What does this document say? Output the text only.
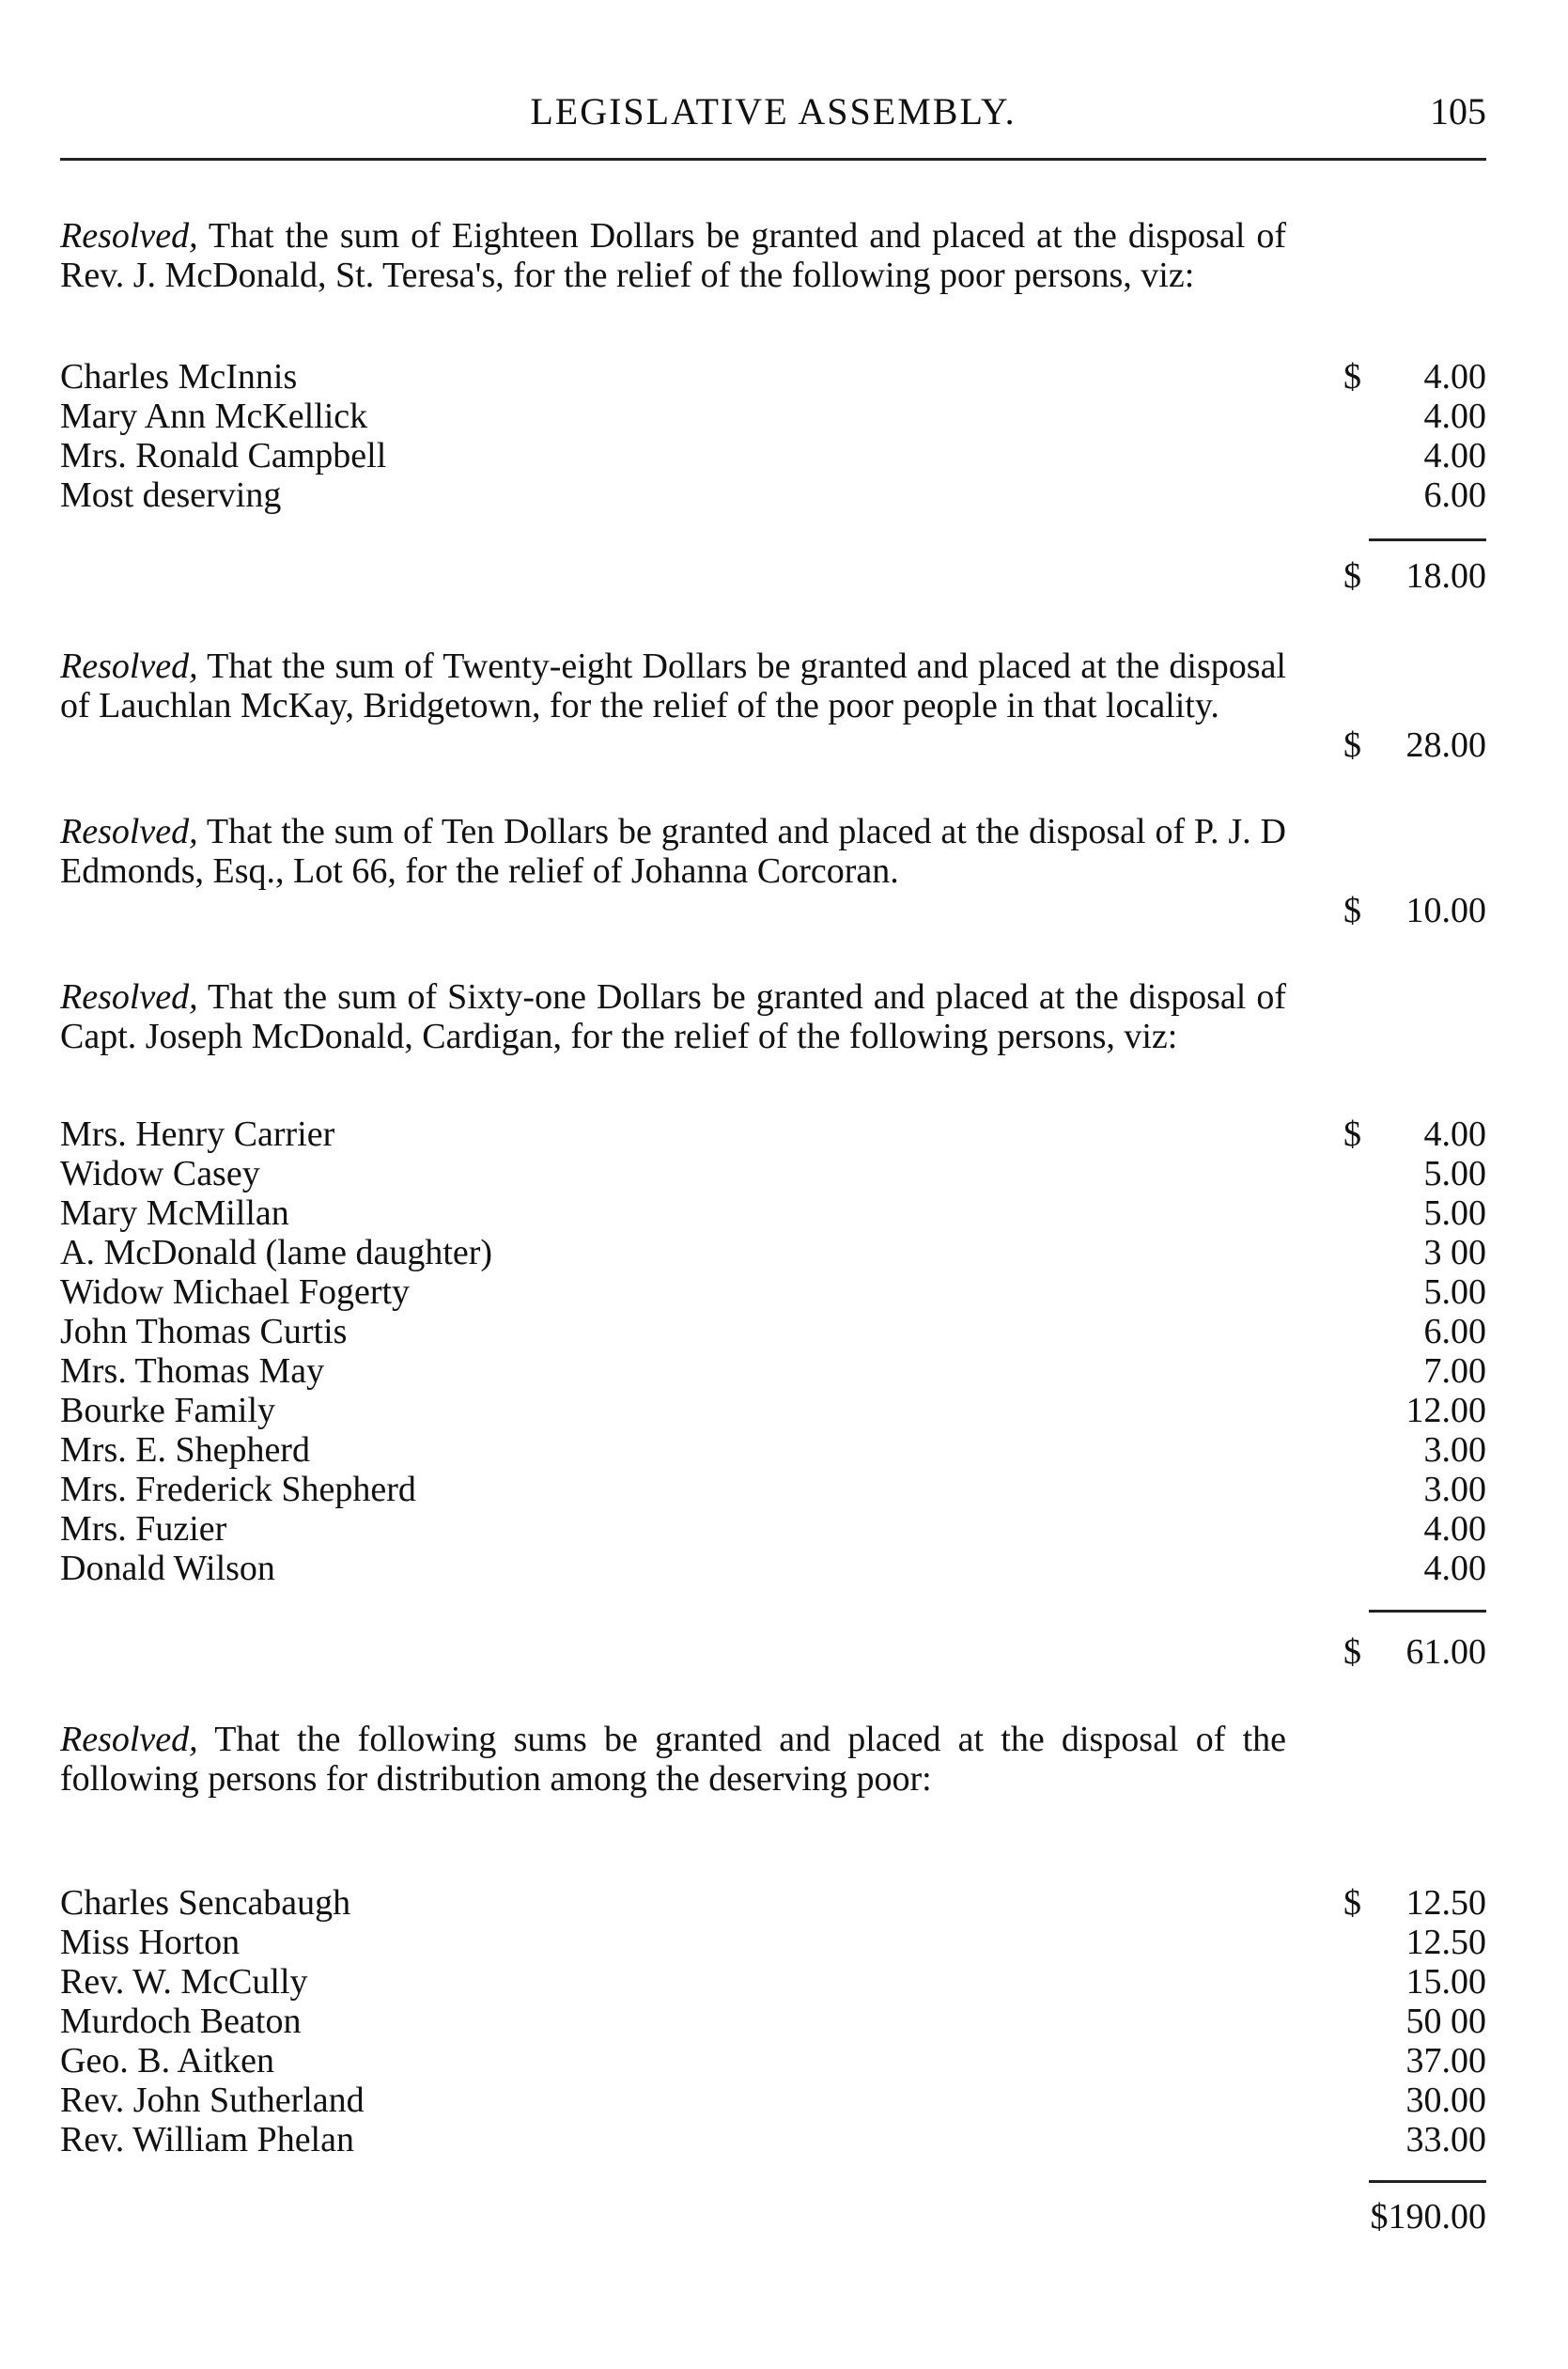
LEGISLATIVE ASSEMBLY.	105
Resolved, That the sum of Eighteen Dollars be granted and placed at the disposal of Rev. J. McDonald, St. Teresa's, for the relief of the following poor persons, viz:
Charles McInnis	$ 4.00
Mary Ann McKellick	4.00
Mrs. Ronald Campbell	4.00
Most deserving	6.00
$ 18.00
Resolved, That the sum of Twenty-eight Dollars be granted and placed at the disposal of Lauchlan McKay, Bridgetown, for the relief of the poor people in that locality.
$ 28.00
Resolved, That the sum of Ten Dollars be granted and placed at the disposal of P. J. D Edmonds, Esq., Lot 66, for the relief of Johanna Corcoran.
$ 10.00
Resolved, That the sum of Sixty-one Dollars be granted and placed at the disposal of Capt. Joseph McDonald, Cardigan, for the relief of the following persons, viz:
Mrs. Henry Carrier	$ 4.00
Widow Casey	5.00
Mary McMillan	5.00
A. McDonald (lame daughter)	3 00
Widow Michael Fogerty	5.00
John Thomas Curtis	6.00
Mrs. Thomas May	7.00
Bourke Family	12.00
Mrs. E. Shepherd	3.00
Mrs. Frederick Shepherd	3.00
Mrs. Fuzier	4.00
Donald Wilson	4.00
$ 61.00
Resolved, That the following sums be granted and placed at the disposal of the following persons for distribution among the deserving poor:
Charles Sencabaugh	$ 12.50
Miss Horton	12.50
Rev. W. McCully	15.00
Murdoch Beaton	50 00
Geo. B. Aitken	37.00
Rev. John Sutherland	30.00
Rev. William Phelan	33.00
$190.00
